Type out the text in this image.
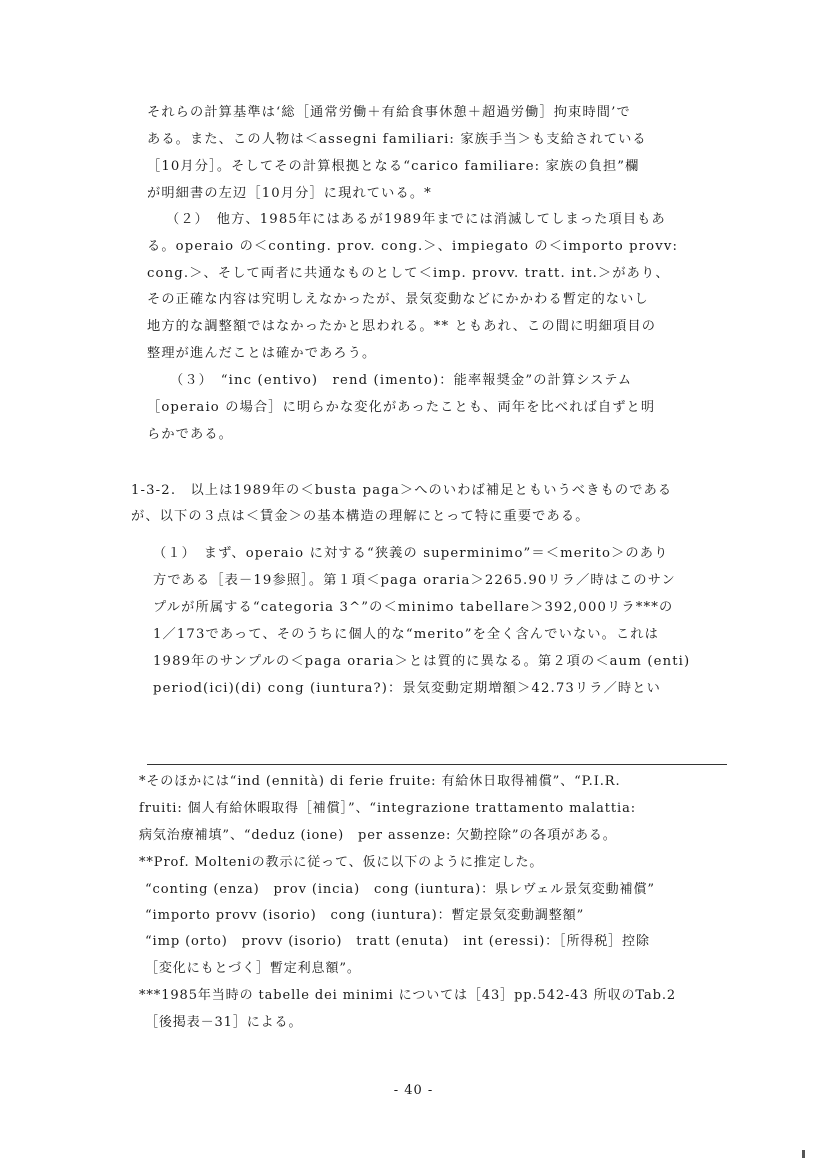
それらの計算基準は‘総［通常労働＋有給食事休憩＋超過労働］拘束時間’で
ある。また、この人物は＜assegni familiari: 家族手当＞も支給されている
［10月分］。そしてその計算根拠となる“carico familiare: 家族の負担”欄
が明細書の左辺［10月分］に現れている。*
（２）　他方、1985年にはあるが1989年までには消滅してしまった項目もあ
る。operaio の＜conting. prov. cong.＞、impiegato の＜importo provv:
cong.＞、そして両者に共通なものとして＜imp. provv. tratt. int.＞があり、
その正確な内容は究明しえなかったが、景気変動などにかかわる暫定的ないし
地方的な調整額ではなかったかと思われる。** ともあれ、この間に明細項目の
整理が進んだことは確かであろう。
（３）　“inc (entivo)　rend (imento)：能率報奨金”の計算システム
［operaio の場合］に明らかな変化があったことも、両年を比べれば自ずと明
らかである。
1-3-2.　以上は1989年の＜busta paga＞へのいわば補足ともいうべきものである
が、以下の３点は＜賃金＞の基本構造の理解にとって特に重要である。
（１）　まず、operaio に対する“狭義の superminimo”＝＜merito＞のあり
方である［表－19参照］。第１項＜paga oraria＞2265.90リラ／時はこのサン
プルが所属する“categoria 3^”の＜minimo tabellare＞392,000リラ***の
1／173であって、そのうちに個人的な“merito”を全く含んでいない。これは
1989年のサンプルの＜paga oraria＞とは質的に異なる。第２項の＜aum (enti)
period(ici)(di) cong (iuntura?)：景気変動定期増額＞42.73リラ／時とい
*そのほかには“ind (ennità) di ferie fruite: 有給休日取得補償”、“P.I.R.
fruiti: 個人有給休暇取得［補償］”、“integrazione trattamento malattia:
病気治療補填”、“deduz (ione)　per assenze: 欠勤控除”の各項がある。
**Prof. Molteniの教示に従って、仮に以下のように推定した。
“conting (enza)　prov (incia)　cong (iuntura)：県レヴェル景気変動補償”
“importo provv (isorio)　cong (iuntura)：暫定景気変動調整額”
“imp (orto)　provv (isorio)　tratt (enuta)　int (eressi)：［所得税］控除
［変化にもとづく］暫定利息額”。
***1985年当時の tabelle dei minimi については［43］pp.542-43 所収のTab.2
［後掲表－31］による。
- 40 -
